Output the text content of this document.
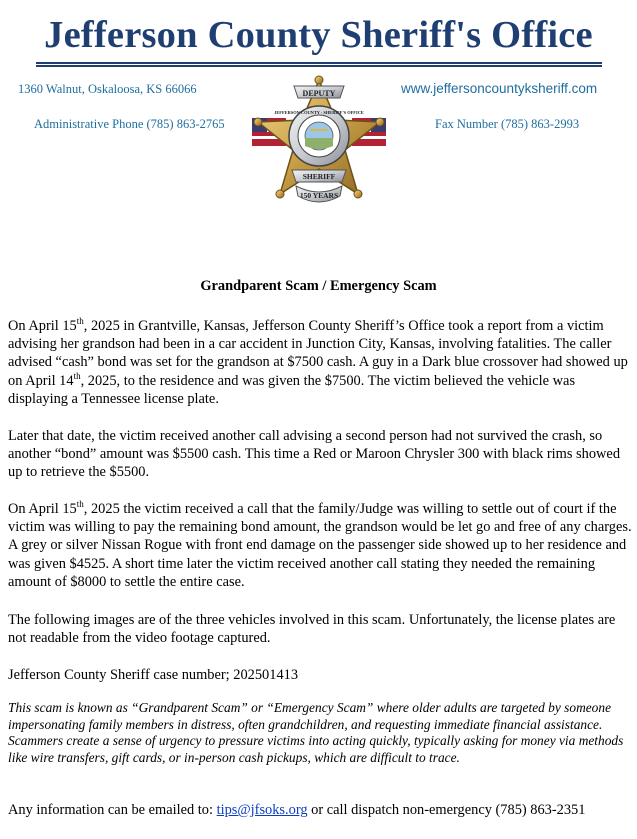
Jefferson County Sheriff's Office
1360 Walnut, Oskaloosa, KS 66066	www.jeffersoncountyksheriff.com
Administrative Phone (785) 863-2765	Fax Number (785) 863-2993
DEPUTY
JEFFERSON COUNTY · SHERIFF'S OFFICE
SHERIFF
150 YEARS
Grandparent Scam / Emergency Scam
On April 15th, 2025 in Grantville, Kansas, Jefferson County Sheriff’s Office took a report from a victim advising her grandson had been in a car accident in Junction City, Kansas, involving fatalities. The caller advised “cash” bond was set for the grandson at $7500 cash. A guy in a Dark blue crossover had showed up on April 14th, 2025, to the residence and was given the $7500. The victim believed the vehicle was displaying a Tennessee license plate.
Later that date, the victim received another call advising a second person had not survived the crash, so another “bond” amount was $5500 cash. This time a Red or Maroon Chrysler 300 with black rims showed up to retrieve the $5500.
On April 15th, 2025 the victim received a call that the family/Judge was willing to settle out of court if the victim was willing to pay the remaining bond amount, the grandson would be let go and free of any charges. A grey or silver Nissan Rogue with front end damage on the passenger side showed up to her residence and was given $4525. A short time later the victim received another call stating they needed the remaining amount of $8000 to settle the entire case.
The following images are of the three vehicles involved in this scam. Unfortunately, the license plates are not readable from the video footage captured.
Jefferson County Sheriff case number; 202501413
This scam is known as “Grandparent Scam” or “Emergency Scam” where older adults are targeted by someone impersonating family members in distress, often grandchildren, and requesting immediate financial assistance. Scammers create a sense of urgency to pressure victims into acting quickly, typically asking for money via methods like wire transfers, gift cards, or in-person cash pickups, which are difficult to trace.
Any information can be emailed to: tips@jfsoks.org or call dispatch non-emergency (785) 863-2351
